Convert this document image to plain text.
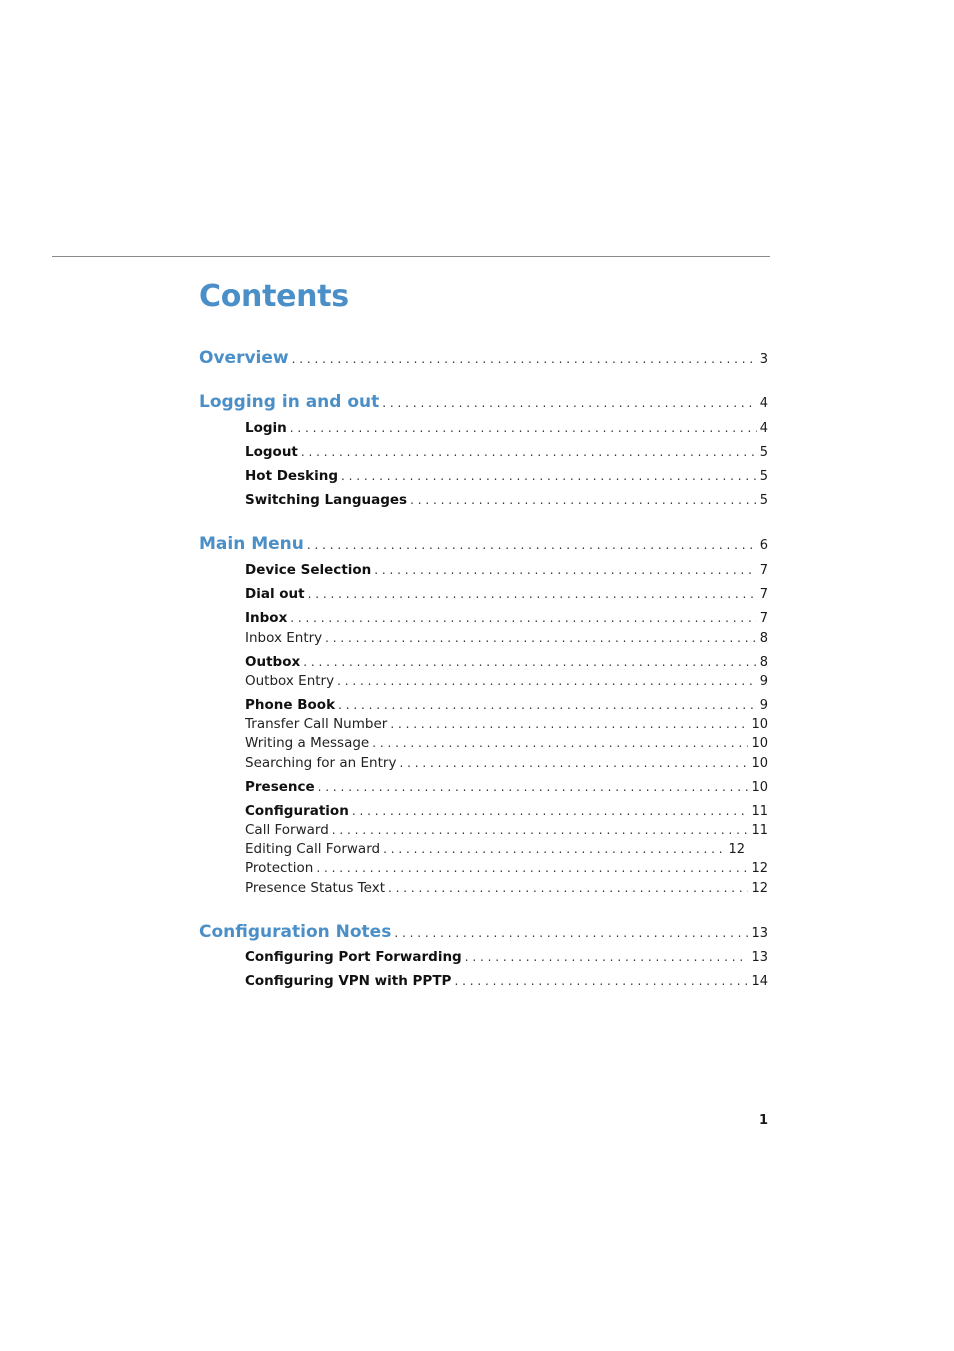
Contents
Overview . . .	3
Logging in and out . . .	4
Login . . .	4
Logout . . .	5
Hot Desking . . .	5
Switching Languages . . .	5
Main Menu . . .	6
Device Selection . . .	7
Dial out . . .	7
Inbox . . .	7
Inbox Entry . . .	8
Outbox . . .	8
Outbox Entry . . .	9
Phone Book . . .	9
Transfer Call Number . . .	10
Writing a Message . . .	10
Searching for an Entry . . .	10
Presence . . .	10
Configuration . . .	11
Call Forward . . .	11
Editing Call Forward . . .	12
Protection . . .	12
Presence Status Text . . .	12
Configuration Notes . . .	13
Configuring Port Forwarding . . .	13
Configuring VPN with PPTP . . .	14
1
